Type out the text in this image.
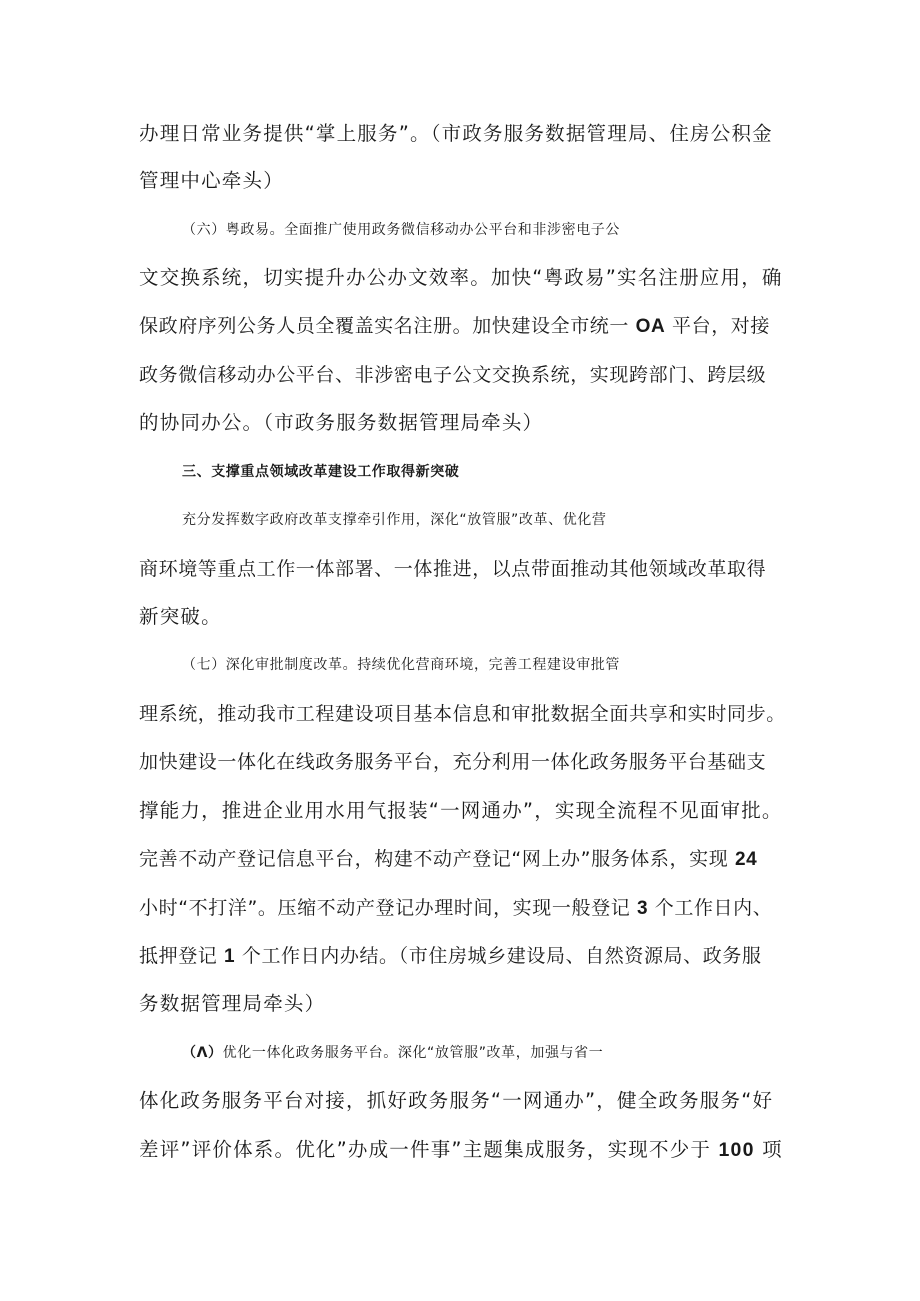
办理日常业务提供“掌上服务”。（市政务服务数据管理局、住房公积金
管理中心牵头）
（六）粤政易。全面推广使用政务微信移动办公平台和非涉密电子公
文交换系统，切实提升办公办文效率。加快“粤政易”实名注册应用，确
保政府序列公务人员全覆盖实名注册。加快建设全市统一 OA 平台，对接
政务微信移动办公平台、非涉密电子公文交换系统，实现跨部门、跨层级
的协同办公。（市政务服务数据管理局牵头）
三、支撑重点领域改革建设工作取得新突破
充分发挥数字政府改革支撑牵引作用，深化“放管服”改革、优化营
商环境等重点工作一体部署、一体推进，以点带面推动其他领域改革取得
新突破。
（七）深化审批制度改革。持续优化营商环境，完善工程建设审批管
理系统，推动我市工程建设项目基本信息和审批数据全面共享和实时同步。
加快建设一体化在线政务服务平台，充分利用一体化政务服务平台基础支
撑能力，推进企业用水用气报装“一网通办”，实现全流程不见面审批。
完善不动产登记信息平台，构建不动产登记“网上办”服务体系，实现 24
小时“不打洋”。压缩不动产登记办理时间，实现一般登记 3 个工作日内、
抵押登记 1 个工作日内办结。（市住房城乡建设局、自然资源局、政务服
务数据管理局牵头）
（Λ）优化一体化政务服务平台。深化“放管服”改革，加强与省一
体化政务服务平台对接，抓好政务服务“一网通办”，健全政务服务“好
差评”评价体系。优化”办成一件事”主题集成服务，实现不少于 100 项
